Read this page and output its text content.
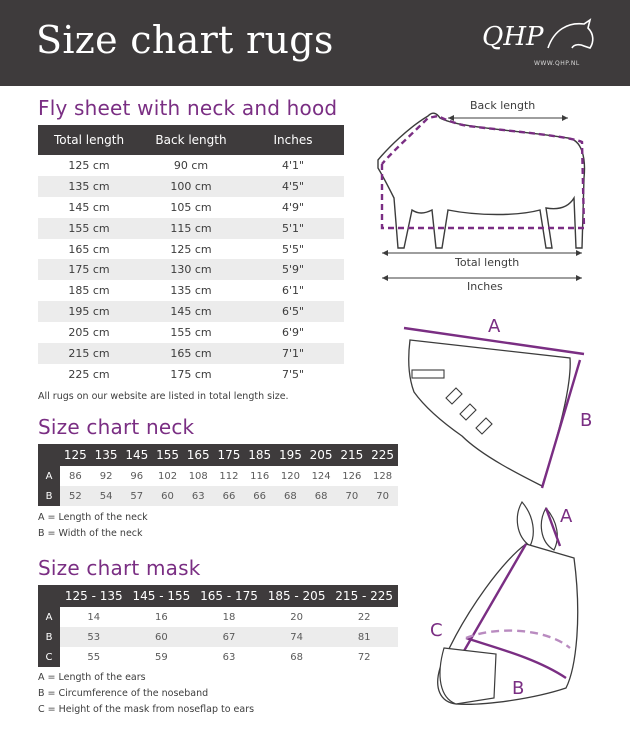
Size chart rugs	QHP
WWW.QHP.NL
Fly sheet with neck and hood
Total length	Back length	Inches
125 cm	90 cm	4'1"
135 cm	100 cm	4'5"
145 cm	105 cm	4'9"
155 cm	115 cm	5'1"
165 cm	125 cm	5'5"
175 cm	130 cm	5'9"
185 cm	135 cm	6'1"
195 cm	145 cm	6'5"
205 cm	155 cm	6'9"
215 cm	165 cm	7'1"
225 cm	175 cm	7'5"
All rugs on our website are listed in total length size.
Back length
Total length
Inches
Size chart neck
	125	135	145	155	165	175	185	195	205	215	225
A	86	92	96	102	108	112	116	120	124	126	128
B	52	54	57	60	63	66	66	68	68	70	70
A = Length of the neck
B = Width of the neck
A
B
Size chart mask
	125 - 135	145 - 155	165 - 175	185 - 205	215 - 225
A	14	16	18	20	22
B	53	60	67	74	81
C	55	59	63	68	72
A = Length of the ears
B = Circumference of the noseband
C = Height of the mask from noseflap to ears
A
B
C
